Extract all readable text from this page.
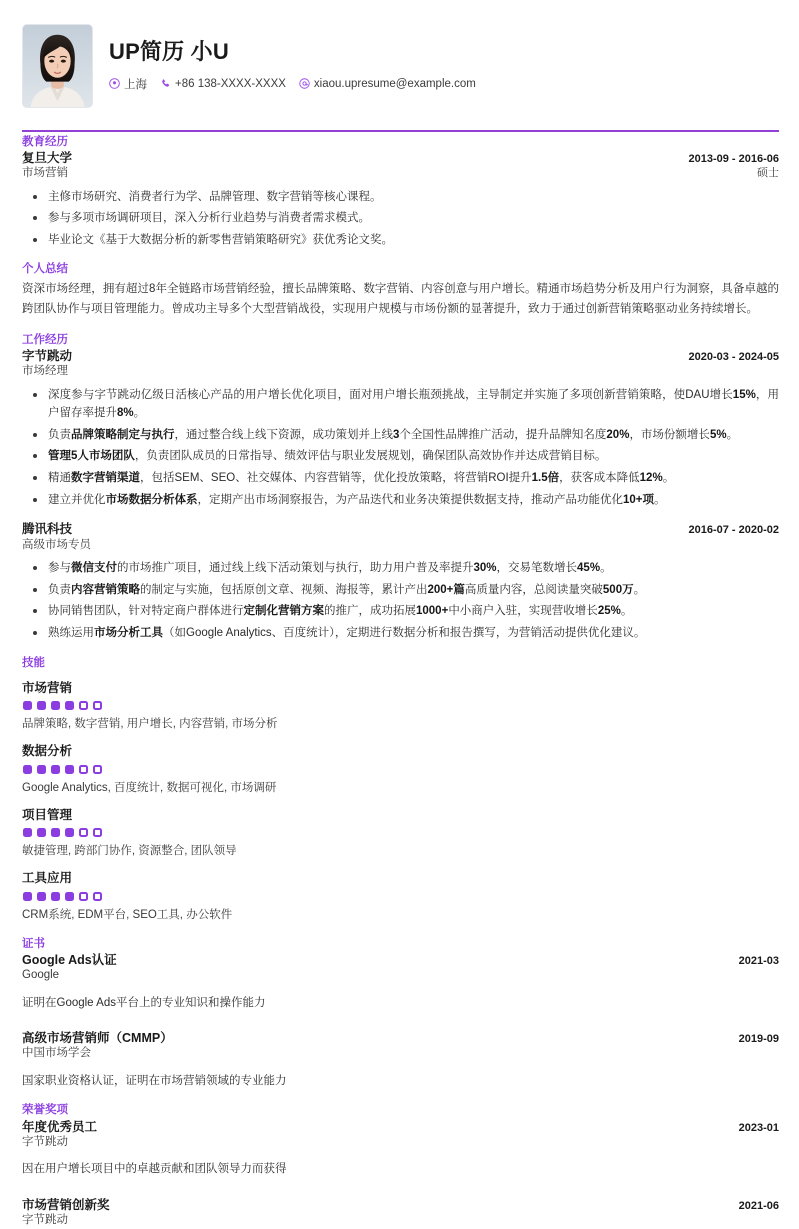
UP简历 小U
上海 +86 138-XXXX-XXXX xiaou.upresume@example.com
教育经历
复旦大学
市场营销
2013-09 - 2016-06
硕士
主修市场研究、消费者行为学、品牌管理、数字营销等核心课程。
参与多项市场调研项目，深入分析行业趋势与消费者需求模式。
毕业论文《基于大数据分析的新零售营销策略研究》获优秀论文奖。
个人总结
资深市场经理，拥有超过8年全链路市场营销经验，擅长品牌策略、数字营销、内容创意与用户增长。精通市场趋势分析及用户行为洞察，具备卓越的跨团队协作与项目管理能力。曾成功主导多个大型营销战役，实现用户规模与市场份额的显著提升，致力于通过创新营销策略驱动业务持续增长。
工作经历
字节跳动
市场经理
2020-03 - 2024-05
深度参与字节跳动亿级日活核心产品的用户增长优化项目，面对用户增长瓶颈挑战，主导制定并实施了多项创新营销策略，使DAU增长15%，用户留存率提升8%。
负责品牌策略制定与执行，通过整合线上线下资源，成功策划并上线3个全国性品牌推广活动，提升品牌知名度20%，市场份额增长5%。
管理5人市场团队，负责团队成员的日常指导、绩效评估与职业发展规划，确保团队高效协作并达成营销目标。
精通数字营销渠道，包括SEM、SEO、社交媒体、内容营销等，优化投放策略，将营销ROI提升1.5倍，获客成本降低12%。
建立并优化市场数据分析体系，定期产出市场洞察报告，为产品迭代和业务决策提供数据支持，推动产品功能优化10+项。
腾讯科技
高级市场专员
2016-07 - 2020-02
参与微信支付的市场推广项目，通过线上线下活动策划与执行，助力用户普及率提升30%，交易笔数增长45%。
负责内容营销策略的制定与实施，包括原创文章、视频、海报等，累计产出200+篇高质量内容，总阅读量突破500万。
协同销售团队，针对特定商户群体进行定制化营销方案的推广，成功拓展1000+中小商户入驻，实现营收增长25%。
熟练运用市场分析工具（如Google Analytics、百度统计），定期进行数据分析和报告撰写，为营销活动提供优化建议。
技能
市场营销
品牌策略, 数字营销, 用户增长, 内容营销, 市场分析
数据分析
Google Analytics, 百度统计, 数据可视化, 市场调研
项目管理
敏捷管理, 跨部门协作, 资源整合, 团队领导
工具应用
CRM系统, EDM平台, SEO工具, 办公软件
证书
Google Ads认证
Google
2021-03
证明在Google Ads平台上的专业知识和操作能力
高级市场营销师（CMMP）
中国市场学会
2019-09
国家职业资格认证，证明在市场营销领域的专业能力
荣誉奖项
年度优秀员工
字节跳动
2023-01
因在用户增长项目中的卓越贡献和团队领导力而获得
市场营销创新奖
字节跳动
2021-06
